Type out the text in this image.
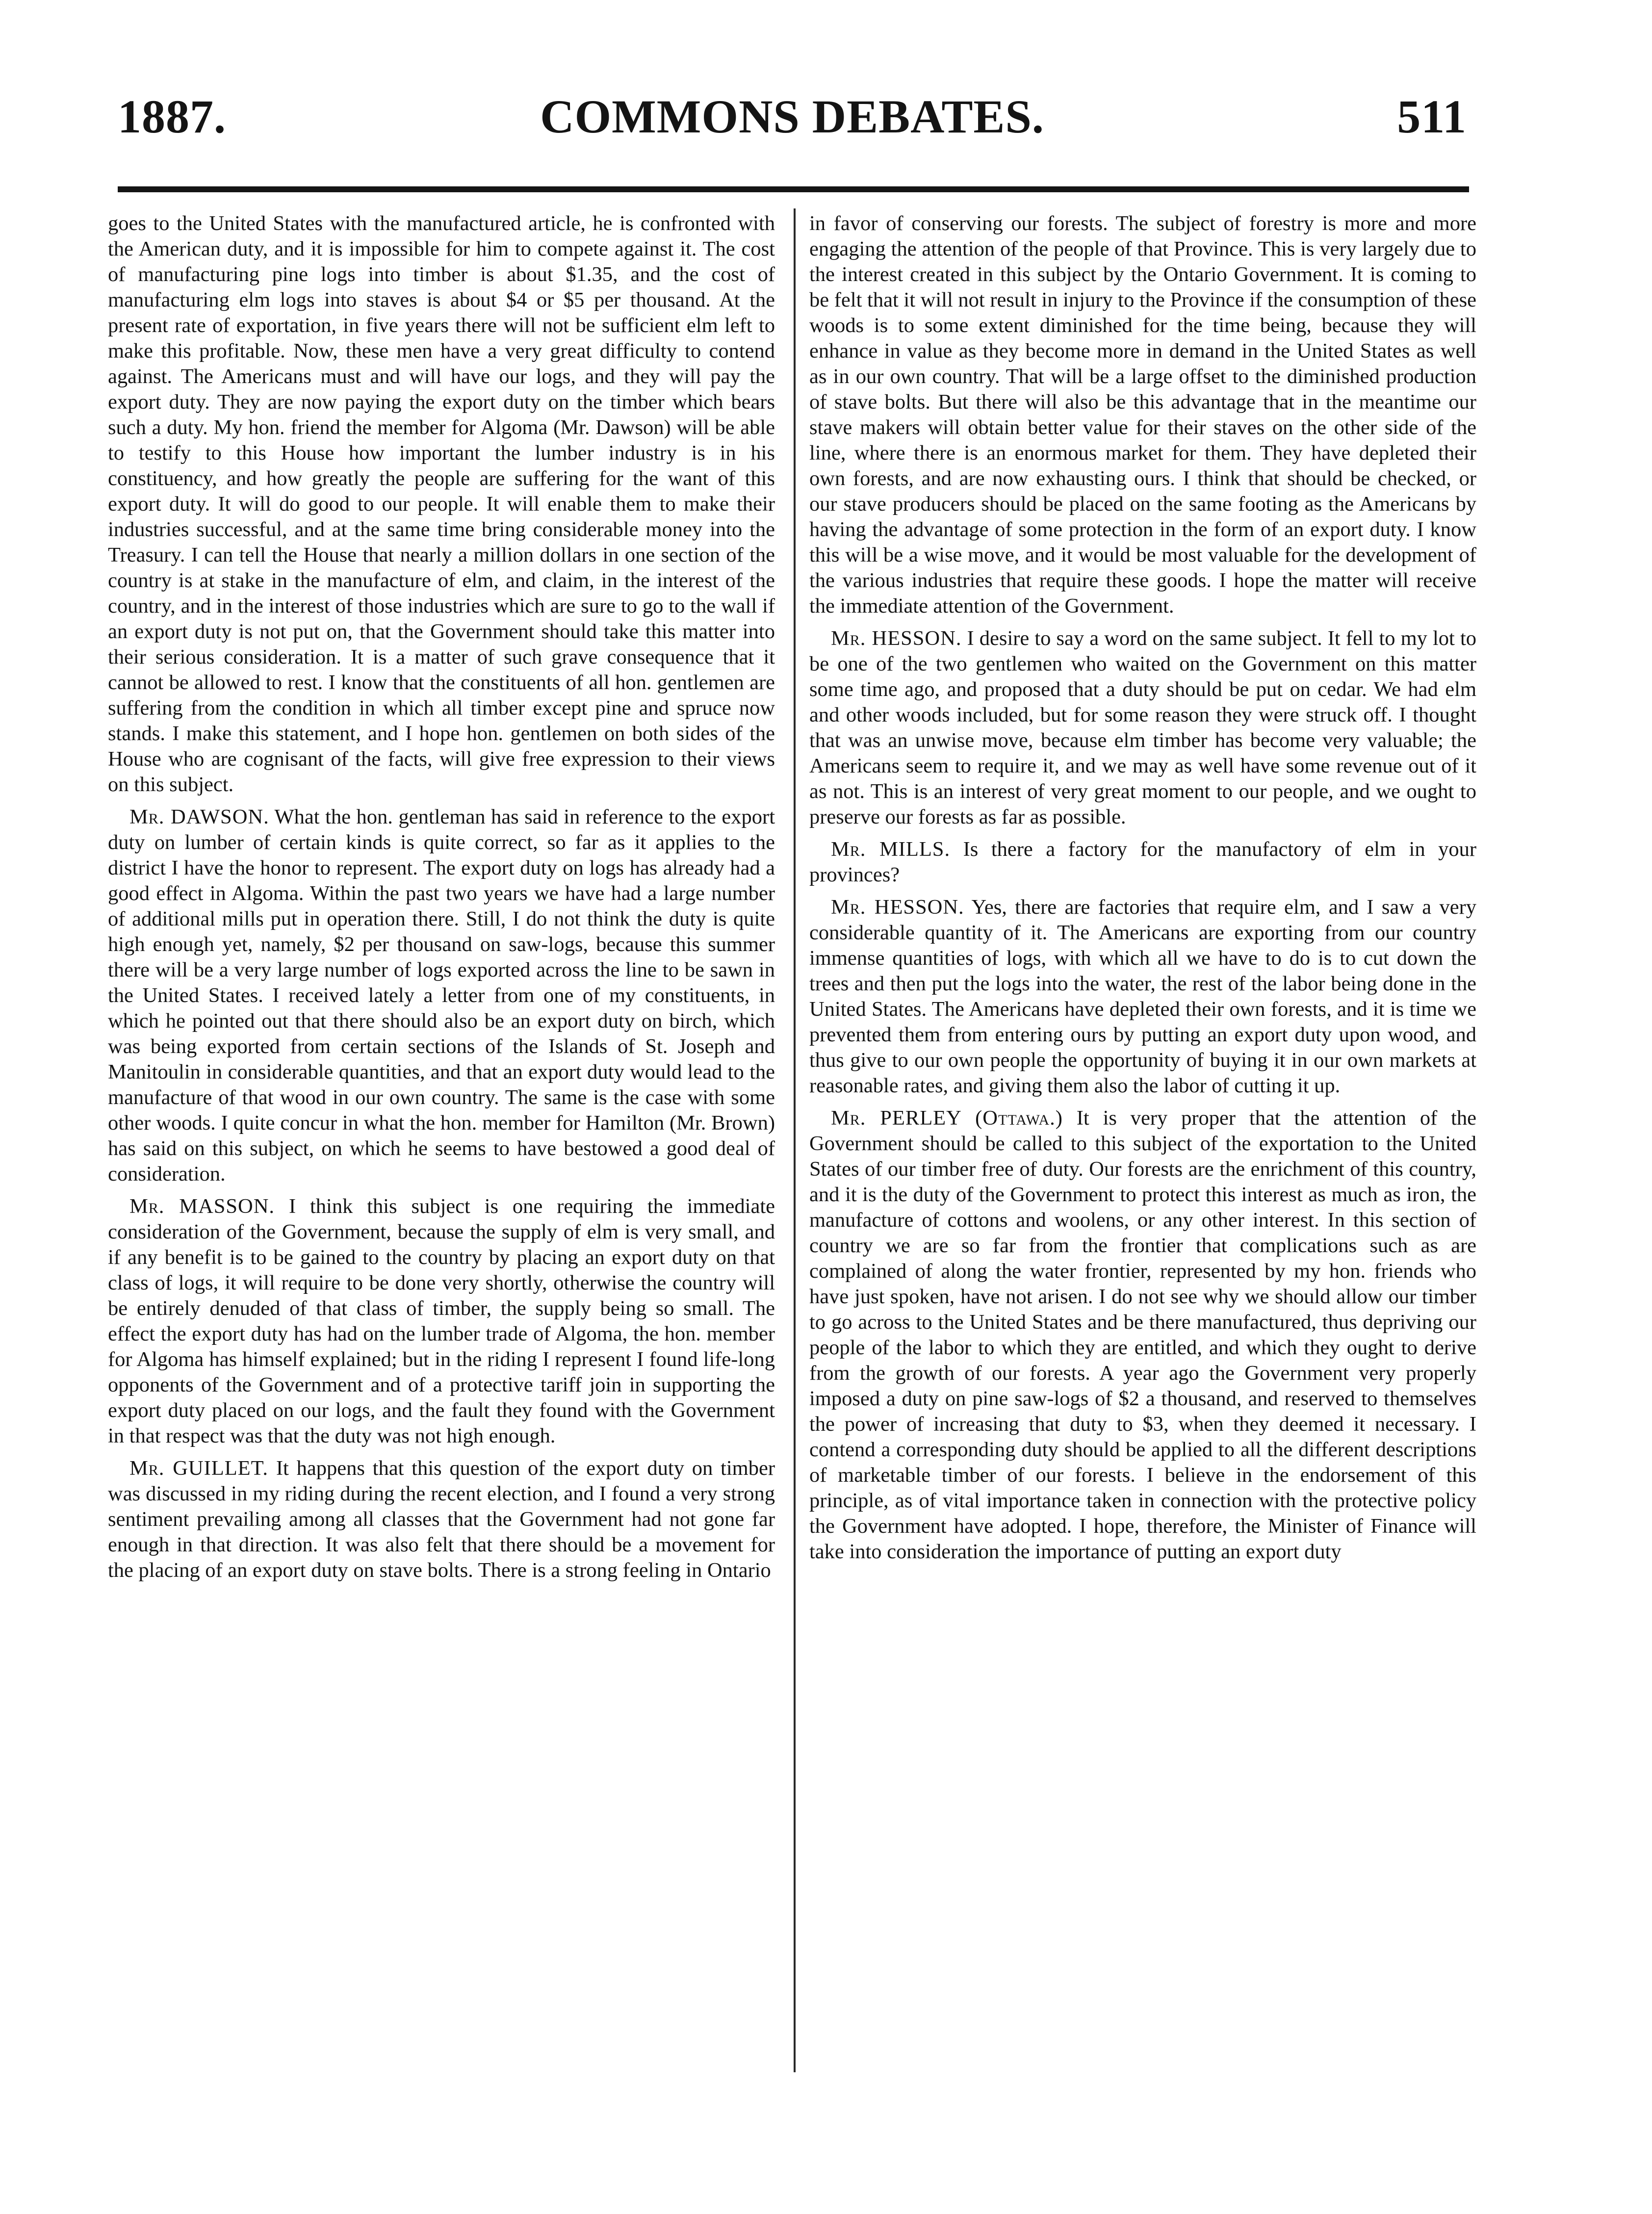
1887.	COMMONS DEBATES.	511

goes to the United States with the manufactured article, he is confronted with the American duty, and it is impossible for him to compete against it. The cost of manufacturing pine logs into timber is about $1.35, and the cost of manufacturing elm logs into staves is about $4 or $5 per thousand. At the present rate of exportation, in five years there will not be sufficient elm left to make this profitable. Now, these men have a very great difficulty to contend against. The Americans must and will have our logs, and they will pay the export duty. They are now paying the export duty on the timber which bears such a duty. My hon. friend the member for Algoma (Mr. Dawson) will be able to testify to this House how important the lumber industry is in his constituency, and how greatly the people are suffering for the want of this export duty. It will do good to our people. It will enable them to make their industries successful, and at the same time bring considerable money into the Treasury. I can tell the House that nearly a million dollars in one section of the country is at stake in the manufacture of elm, and claim, in the interest of the country, and in the interest of those industries which are sure to go to the wall if an export duty is not put on, that the Government should take this matter into their serious consideration. It is a matter of such grave consequence that it cannot be allowed to rest. I know that the constituents of all hon. gentlemen are suffering from the condition in which all timber except pine and spruce now stands. I make this statement, and I hope hon. gentlemen on both sides of the House who are cognisant of the facts, will give free expression to their views on this subject.

Mr. DAWSON. What the hon. gentleman has said in reference to the export duty on lumber of certain kinds is quite correct, so far as it applies to the district I have the honor to represent. The export duty on logs has already had a good effect in Algoma. Within the past two years we have had a large number of additional mills put in operation there. Still, I do not think the duty is quite high enough yet, namely, $2 per thousand on saw-logs, because this summer there will be a very large number of logs exported across the line to be sawn in the United States. I received lately a letter from one of my constituents, in which he pointed out that there should also be an export duty on birch, which was being exported from certain sections of the Islands of St. Joseph and Manitoulin in considerable quantities, and that an export duty would lead to the manufacture of that wood in our own country. The same is the case with some other woods. I quite concur in what the hon. member for Hamilton (Mr. Brown) has said on this subject, on which he seems to have bestowed a good deal of consideration.

Mr. MASSON. I think this subject is one requiring the immediate consideration of the Government, because the supply of elm is very small, and if any benefit is to be gained to the country by placing an export duty on that class of logs, it will require to be done very shortly, otherwise the country will be entirely denuded of that class of timber, the supply being so small. The effect the export duty has had on the lumber trade of Algoma, the hon. member for Algoma has himself explained; but in the riding I represent I found life-long opponents of the Government and of a protective tariff join in supporting the export duty placed on our logs, and the fault they found with the Government in that respect was that the duty was not high enough.

Mr. GUILLET. It happens that this question of the export duty on timber was discussed in my riding during the recent election, and I found a very strong sentiment prevailing among all classes that the Government had not gone far enough in that direction. It was also felt that there should be a movement for the placing of an export duty on stave bolts. There is a strong feeling in Ontario

in favor of conserving our forests. The subject of forestry is more and more engaging the attention of the people of that Province. This is very largely due to the interest created in this subject by the Ontario Government. It is coming to be felt that it will not result in injury to the Province if the consumption of these woods is to some extent diminished for the time being, because they will enhance in value as they become more in demand in the United States as well as in our own country. That will be a large offset to the diminished production of stave bolts. But there will also be this advantage that in the meantime our stave makers will obtain better value for their staves on the other side of the line, where there is an enormous market for them. They have depleted their own forests, and are now exhausting ours. I think that should be checked, or our stave producers should be placed on the same footing as the Americans by having the advantage of some protection in the form of an export duty. I know this will be a wise move, and it would be most valuable for the development of the various industries that require these goods. I hope the matter will receive the immediate attention of the Government.

Mr. HESSON. I desire to say a word on the same subject. It fell to my lot to be one of the two gentlemen who waited on the Government on this matter some time ago, and proposed that a duty should be put on cedar. We had elm and other woods included, but for some reason they were struck off. I thought that was an unwise move, because elm timber has become very valuable; the Americans seem to require it, and we may as well have some revenue out of it as not. This is an interest of very great moment to our people, and we ought to preserve our forests as far as possible.

Mr. MILLS. Is there a factory for the manufactory of elm in your provinces?

Mr. HESSON. Yes, there are factories that require elm, and I saw a very considerable quantity of it. The Americans are exporting from our country immense quantities of logs, with which all we have to do is to cut down the trees and then put the logs into the water, the rest of the labor being done in the United States. The Americans have depleted their own forests, and it is time we prevented them from entering ours by putting an export duty upon wood, and thus give to our own people the opportunity of buying it in our own markets at reasonable rates, and giving them also the labor of cutting it up.

Mr. PERLEY (Ottawa.) It is very proper that the attention of the Government should be called to this subject of the exportation to the United States of our timber free of duty. Our forests are the enrichment of this country, and it is the duty of the Government to protect this interest as much as iron, the manufacture of cottons and woolens, or any other interest. In this section of country we are so far from the frontier that complications such as are complained of along the water frontier, represented by my hon. friends who have just spoken, have not arisen. I do not see why we should allow our timber to go across to the United States and be there manufactured, thus depriving our people of the labor to which they are entitled, and which they ought to derive from the growth of our forests. A year ago the Government very properly imposed a duty on pine saw-logs of $2 a thousand, and reserved to themselves the power of increasing that duty to $3, when they deemed it necessary. I contend a corresponding duty should be applied to all the different descriptions of marketable timber of our forests. I believe in the endorsement of this principle, as of vital importance taken in connection with the protective policy the Government have adopted. I hope, therefore, the Minister of Finance will take into consideration the importance of putting an export duty
